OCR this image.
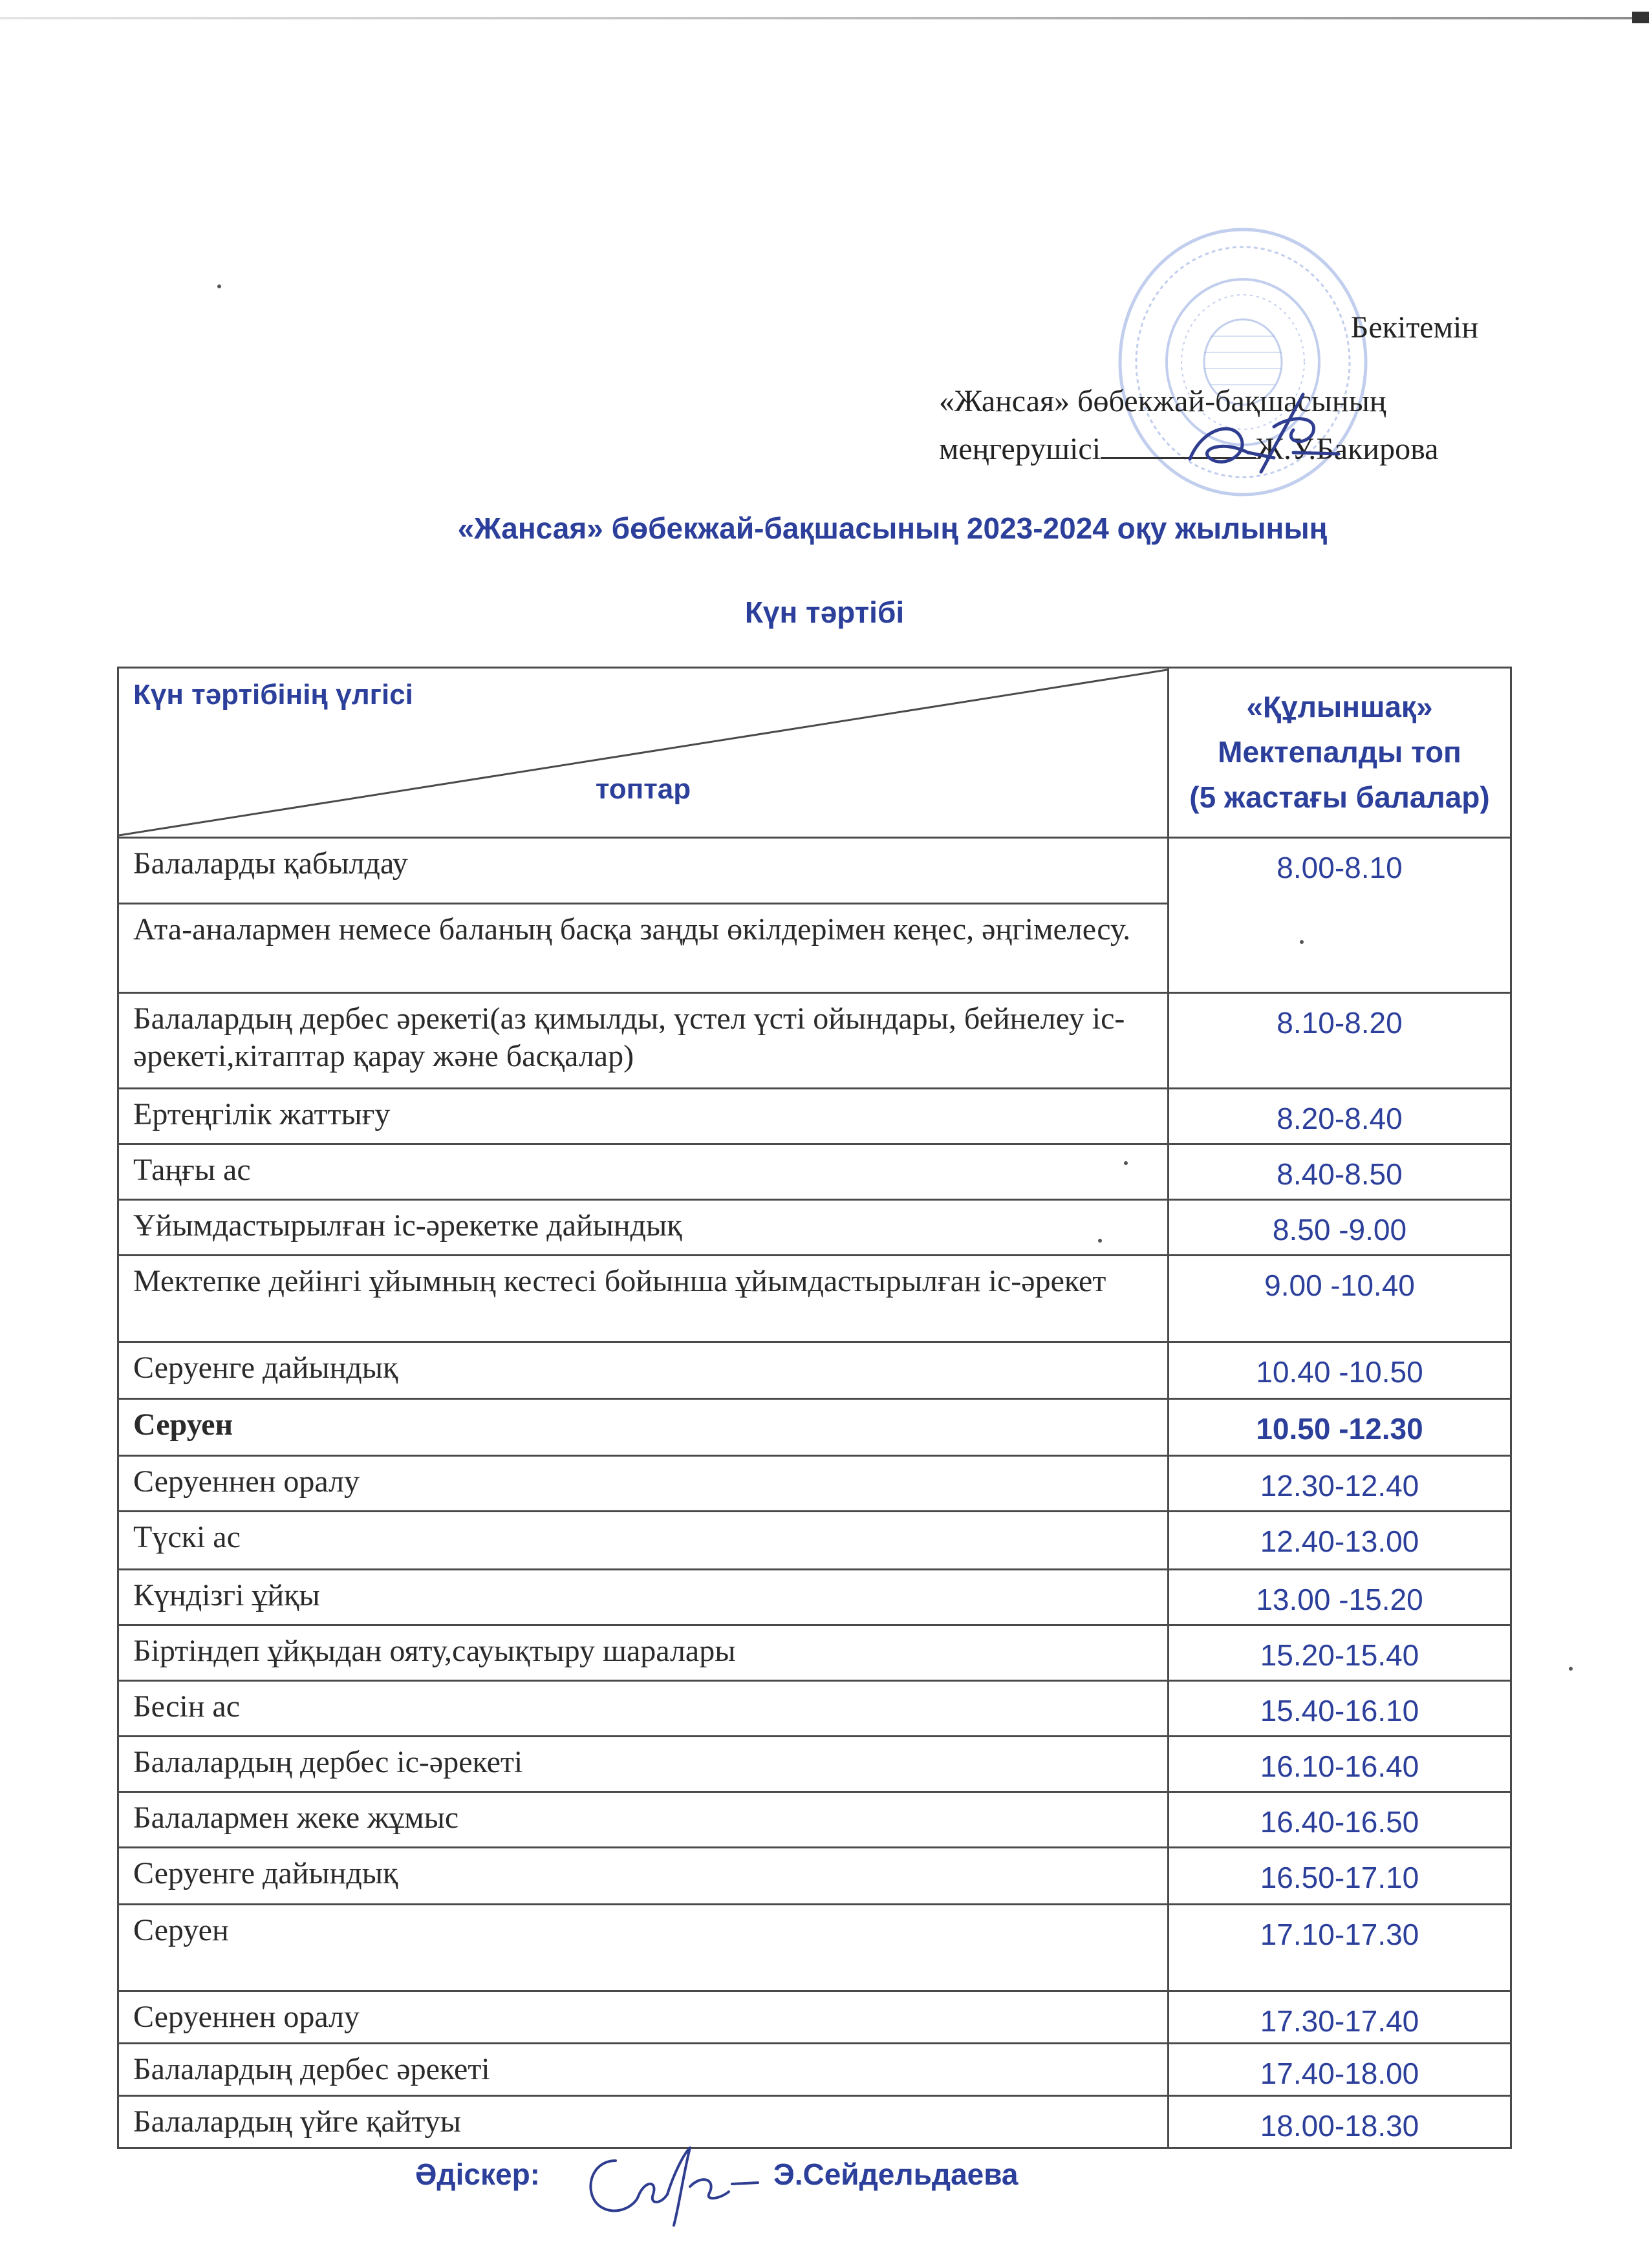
Бекітемін
«Жансая» бөбекжай-бақшасының
меңгерушісі	Ж.У.Бакирова
«Жансая» бөбекжай-бақшасының 2023-2024 оқу жылының
Күн тәртібі
Күн тәртібінің үлгісі
топтар	«Құлыншақ»
Мектепалды топ
(5 жастағы балалар)

Балаларды қабылдау	8.00-8.10
Ата-аналармен немесе баланың басқа заңды өкілдерімен кеңес, әңгімелесу.	
Балалардың дербес әрекеті(аз қимылды, үстел үсті ойындары, бейнелеу іс-әрекеті,кітаптар қарау және басқалар)	8.10-8.20
Ертеңгілік жаттығу	8.20-8.40
Таңғы ас	8.40-8.50
Ұйымдастырылған іс-әрекетке дайындық	8.50 -9.00
Мектепке дейінгі ұйымның кестесі бойынша ұйымдастырылған іс-әрекет	9.00 -10.40
Серуенге дайындық	10.40 -10.50
Серуен	10.50 -12.30
Серуеннен оралу	12.30-12.40
Түскі ас	12.40-13.00
Күндізгі ұйқы	13.00 -15.20
Біртіндеп ұйқыдан ояту,сауықтыру шаралары	15.20-15.40
Бесін ас	15.40-16.10
Балалардың дербес іс-әрекеті	16.10-16.40
Балалармен жеке жұмыс	16.40-16.50
Серуенге дайындық	16.50-17.10
Серуен	17.10-17.30
Серуеннен оралу	17.30-17.40
Балалардың дербес әрекеті	17.40-18.00
Балалардың үйге қайтуы	18.00-18.30
Әдіскер:	Э.Сейдельдаева
